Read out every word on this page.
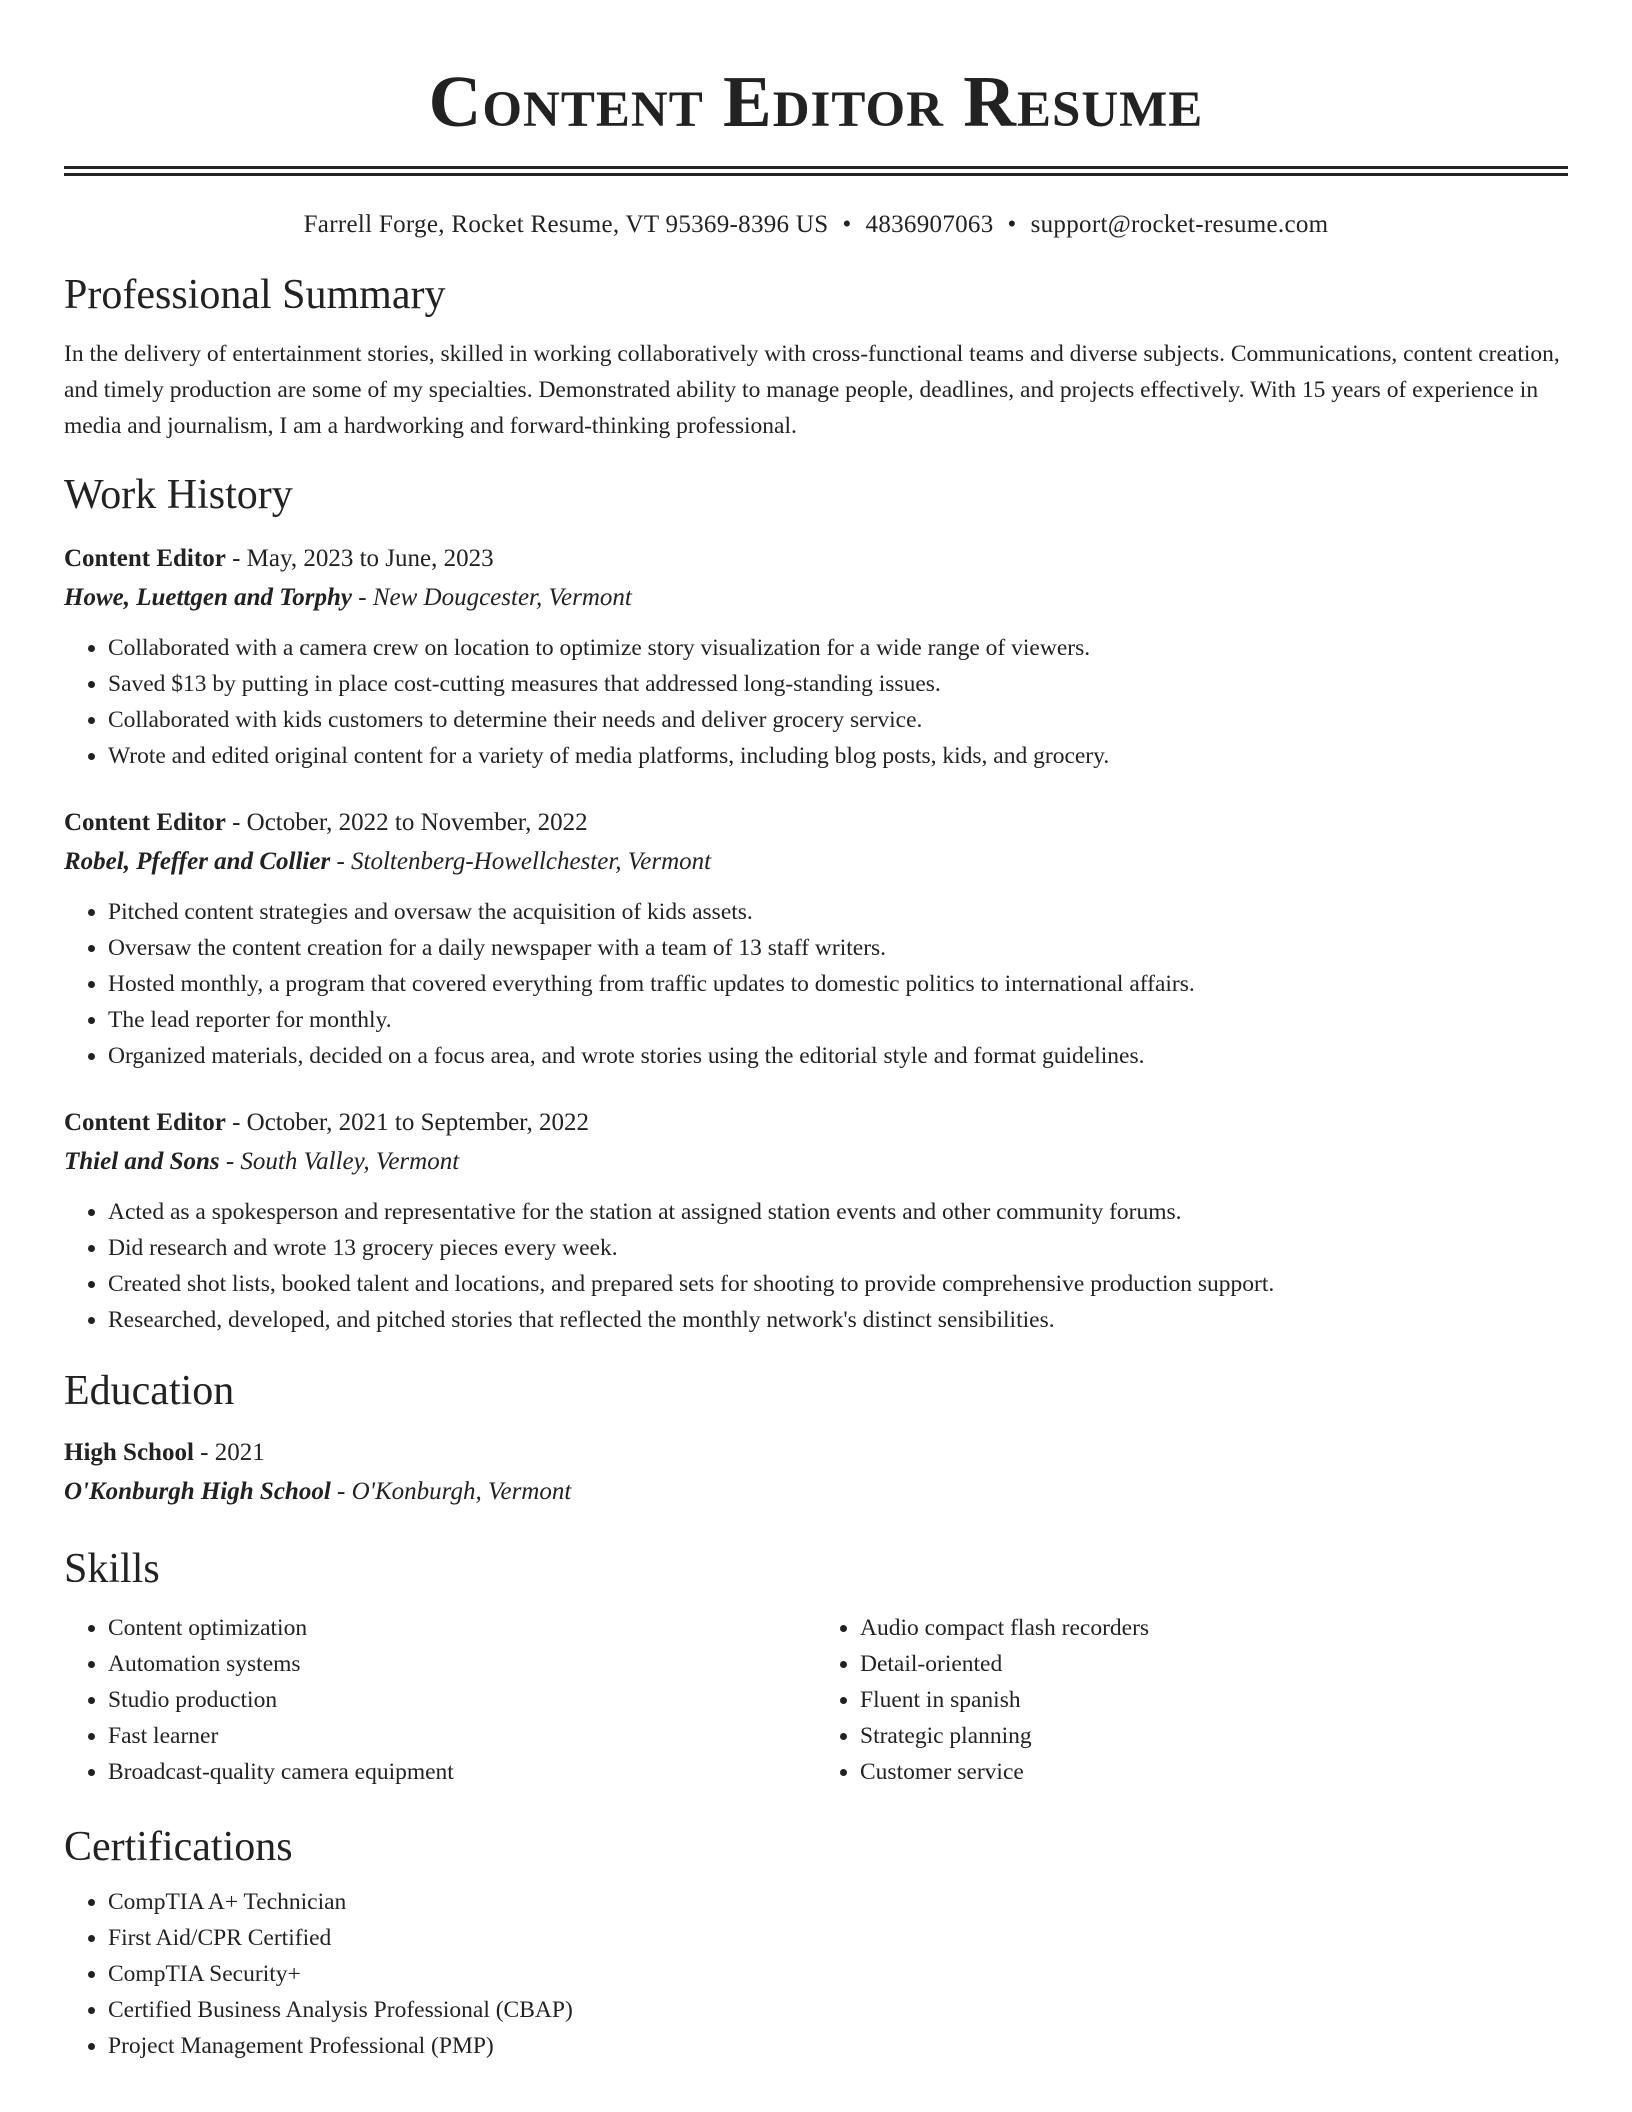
Content Editor Resume
Farrell Forge, Rocket Resume, VT 95369-8396 US • 4836907063 • support@rocket-resume.com
Professional Summary

In the delivery of entertainment stories, skilled in working collaboratively with cross-functional teams and diverse subjects. Communications, content creation, and timely production are some of my specialties. Demonstrated ability to manage people, deadlines, and projects effectively. With 15 years of experience in media and journalism, I am a hardworking and forward-thinking professional.

Work History
Content Editor - May, 2023 to June, 2023
Howe, Luettgen and Torphy - New Dougcester, Vermont
• Collaborated with a camera crew on location to optimize story visualization for a wide range of viewers.
• Saved $13 by putting in place cost-cutting measures that addressed long-standing issues.
• Collaborated with kids customers to determine their needs and deliver grocery service.
• Wrote and edited original content for a variety of media platforms, including blog posts, kids, and grocery.
Content Editor - October, 2022 to November, 2022
Robel, Pfeffer and Collier - Stoltenberg-Howellchester, Vermont
• Pitched content strategies and oversaw the acquisition of kids assets.
• Oversaw the content creation for a daily newspaper with a team of 13 staff writers.
• Hosted monthly, a program that covered everything from traffic updates to domestic politics to international affairs.
• The lead reporter for monthly.
• Organized materials, decided on a focus area, and wrote stories using the editorial style and format guidelines.
Content Editor - October, 2021 to September, 2022
Thiel and Sons - South Valley, Vermont
• Acted as a spokesperson and representative for the station at assigned station events and other community forums.
• Did research and wrote 13 grocery pieces every week.
• Created shot lists, booked talent and locations, and prepared sets for shooting to provide comprehensive production support.
• Researched, developed, and pitched stories that reflected the monthly network's distinct sensibilities.
Education
High School - 2021
O'Konburgh High School - O'Konburgh, Vermont
Skills
• Content optimization
• Automation systems
• Studio production
• Fast learner
• Broadcast-quality camera equipment
• Audio compact flash recorders
• Detail-oriented
• Fluent in spanish
• Strategic planning
• Customer service
Certifications
• CompTIA A+ Technician
• First Aid/CPR Certified
• CompTIA Security+
• Certified Business Analysis Professional (CBAP)
• Project Management Professional (PMP)
